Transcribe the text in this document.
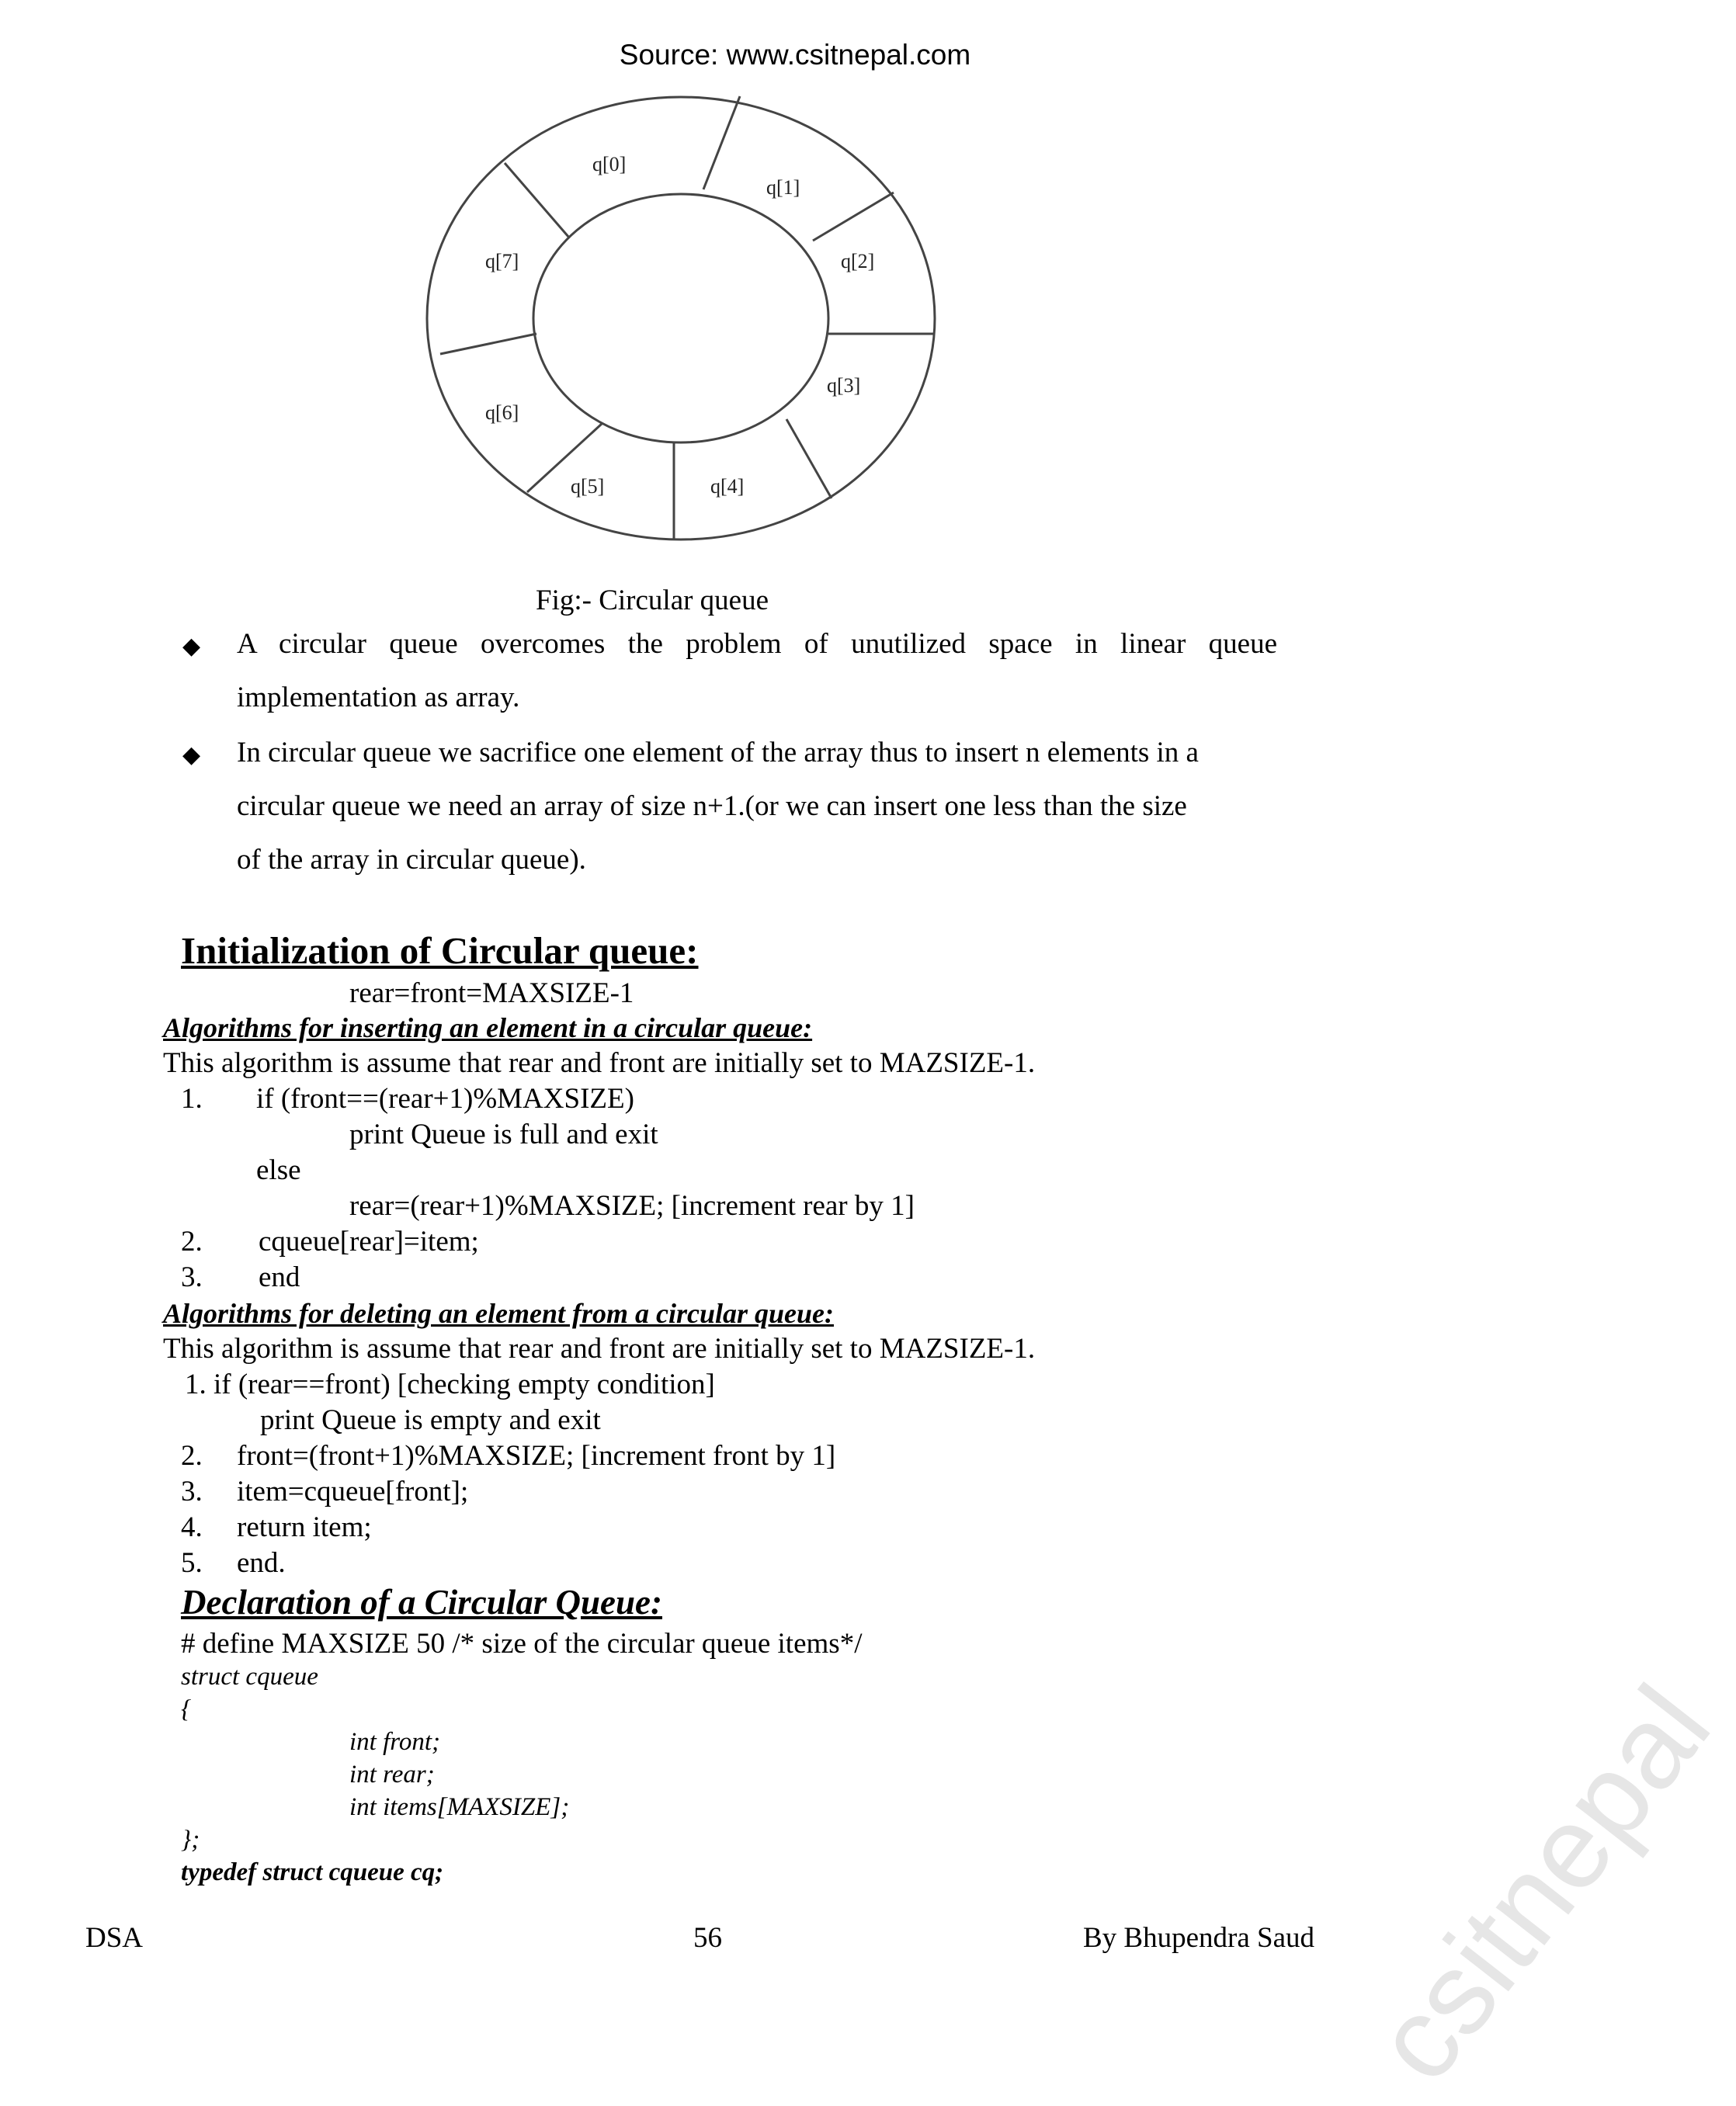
csitnepal
Source: www.csitnepal.com
q[0]
q[1]
q[2]
q[3]
q[4]
q[5]
q[6]
q[7]
Fig:- Circular queue
◆ A circular queue overcomes the problem of unutilized space in linear queue
implementation as array.
◆ In circular queue we sacrifice one element of the array thus to insert n elements in a
circular queue we need an array of size n+1.(or we can insert one less than the size
of the array in circular queue).
Initialization of Circular queue:
rear=front=MAXSIZE-1
Algorithms for inserting an element in a circular queue:
This algorithm is assume that rear and front are initially set to MAZSIZE-1.
1. if (front==(rear+1)%MAXSIZE)
print Queue is full and exit
else
rear=(rear+1)%MAXSIZE; [increment rear by 1]
2. cqueue[rear]=item;
3. end
Algorithms for deleting an element from a circular queue:
This algorithm is assume that rear and front are initially set to MAZSIZE-1.
1. if (rear==front) [checking empty condition]
print Queue is empty and exit
2. front=(front+1)%MAXSIZE; [increment front by 1]
3. item=cqueue[front];
4. return item;
5. end.
Declaration of a Circular Queue:
# define MAXSIZE 50 /* size of the circular queue items*/
struct cqueue
{
int front;
int rear;
int items[MAXSIZE];
};
typedef struct cqueue cq;
DSA	56	By Bhupendra Saud
